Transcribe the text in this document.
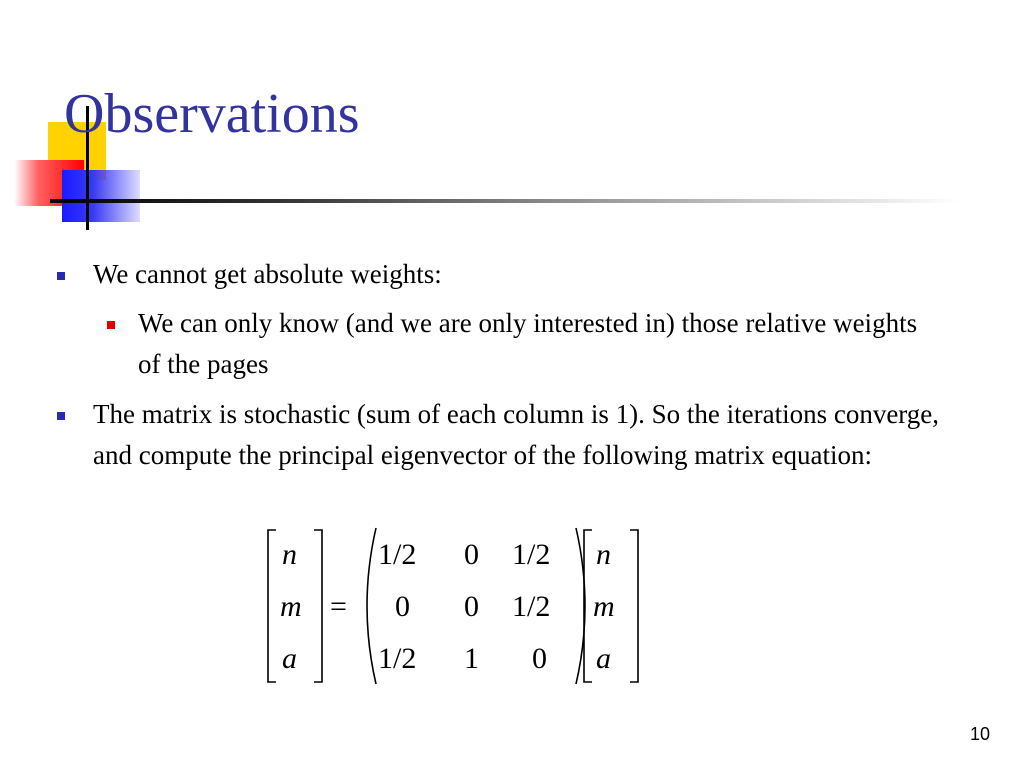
Observations
We cannot get absolute weights:
We can only know (and we are only interested in) those relative weights of the pages
The matrix is stochastic (sum of each column is 1). So the iterations converge, and compute the principal eigenvector of the following matrix equation:
n
m
a
=
1/2 0 1/2
0 0 1/2
1/2 1 0
n
m
a
10
